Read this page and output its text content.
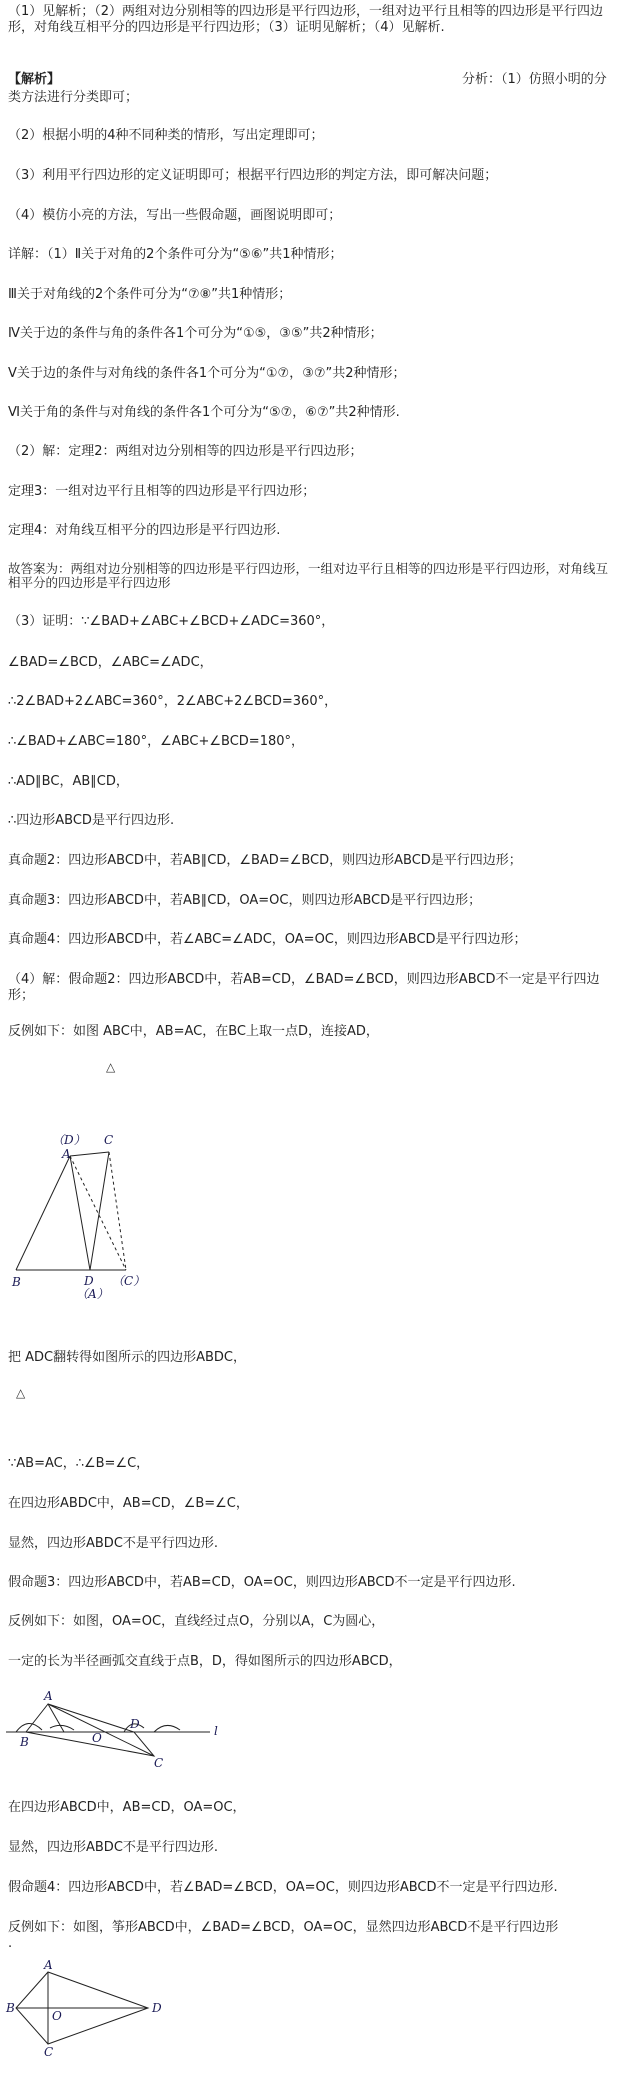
（1）见解析；（2）两组对边分别相等的四边形是平行四边形，一组对边平行且相等的四边形是平行四边形，对角线互相平分的四边形是平行四边形；（3）证明见解析；（4）见解析.
【解析】	分析：（1）仿照小明的分
类方法进行分类即可；
（2）根据小明的4种不同种类的情形，写出定理即可；
（3）利用平行四边形的定义证明即可；根据平行四边形的判定方法，即可解决问题；
（4）模仿小亮的方法，写出一些假命题，画图说明即可；
详解：（1）Ⅱ关于对角的2个条件可分为“⑤⑥”共1种情形；
Ⅲ关于对角线的2个条件可分为“⑦⑧”共1种情形；
Ⅳ关于边的条件与角的条件各1个可分为“①⑤，③⑤”共2种情形；
Ⅴ关于边的条件与对角线的条件各1个可分为“①⑦，③⑦”共2种情形；
Ⅵ关于角的条件与对角线的条件各1个可分为“⑤⑦，⑥⑦”共2种情形.
（2）解：定理2：两组对边分别相等的四边形是平行四边形；
定理3：一组对边平行且相等的四边形是平行四边形；
定理4：对角线互相平分的四边形是平行四边形.
故答案为：两组对边分别相等的四边形是平行四边形，一组对边平行且相等的四边形是平行四边形，对角线互相平分的四边形是平行四边形
（3）证明：∵∠BAD+∠ABC+∠BCD+∠ADC=360°，
∠BAD=∠BCD，∠ABC=∠ADC，
∴2∠BAD+2∠ABC=360°，2∠ABC+2∠BCD=360°，
∴∠BAD+∠ABC=180°，∠ABC+∠BCD=180°，
∴AD∥BC，AB∥CD，
∴四边形ABCD是平行四边形.
真命题2：四边形ABCD中，若AB∥CD，∠BAD=∠BCD，则四边形ABCD是平行四边形；
真命题3：四边形ABCD中，若AB∥CD，OA=OC，则四边形ABCD是平行四边形；
真命题4：四边形ABCD中，若∠ABC=∠ADC，OA=OC，则四边形ABCD是平行四边形；
（4）解：假命题2：四边形ABCD中，若AB=CD，∠BAD=∠BCD，则四边形ABCD不一定是平行四边形；
反例如下：如图 ABC中，AB=AC，在BC上取一点D，连接AD，
△
（D）
A
C
B	D
（A）
（C）
把 ADC翻转得如图所示的四边形ABDC，
△
∵AB=AC，∴∠B=∠C，
在四边形ABDC中，AB=CD，∠B=∠C，
显然，四边形ABDC不是平行四边形.
假命题3：四边形ABCD中，若AB=CD，OA=OC，则四边形ABCD不一定是平行四边形.
反例如下：如图，OA=OC，直线经过点O，分别以A，C为圆心，
一定的长为半径画弧交直线于点B，D，得如图所示的四边形ABCD，
A
B	O
D
C
l
在四边形ABCD中，AB=CD，OA=OC，
显然，四边形ABDC不是平行四边形.
假命题4：四边形ABCD中，若∠BAD=∠BCD，OA=OC，则四边形ABCD不一定是平行四边形.
反例如下：如图，筝形ABCD中，∠BAD=∠BCD，OA=OC，显然四边形ABCD不是平行四边形
.
A
B
O
D
C
